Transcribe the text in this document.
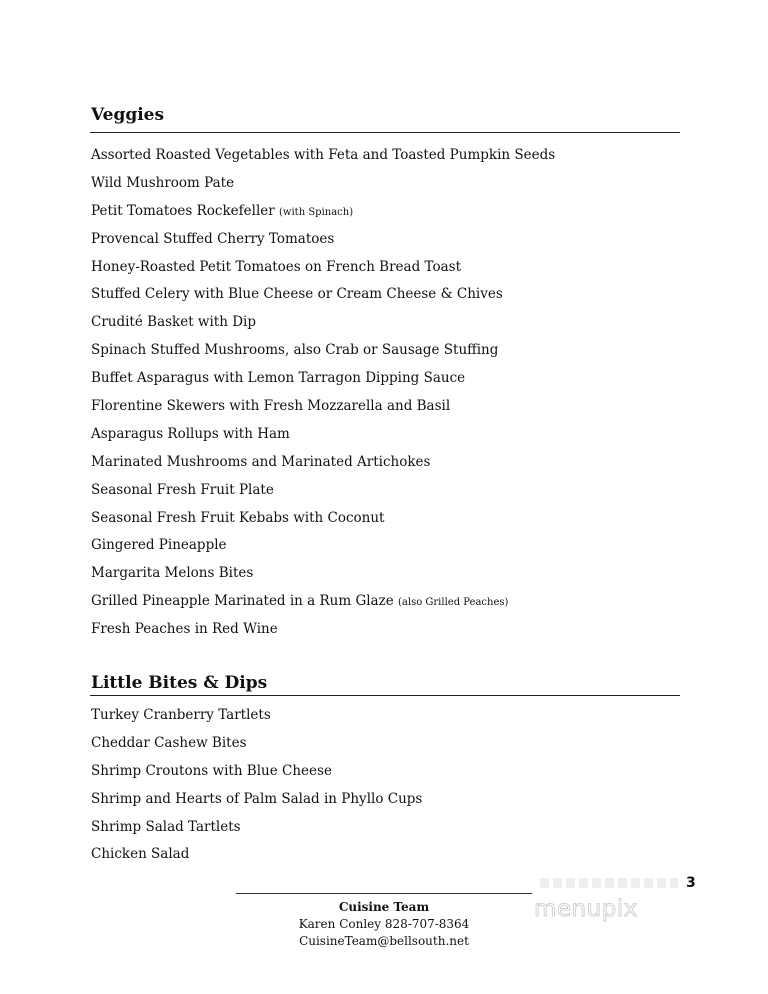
Veggies
Assorted Roasted Vegetables with Feta and Toasted Pumpkin Seeds
Wild Mushroom Pate
Petit Tomatoes Rockefeller (with Spinach)
Provencal Stuffed Cherry Tomatoes
Honey-Roasted Petit Tomatoes on French Bread Toast
Stuffed Celery with Blue Cheese or Cream Cheese & Chives
Crudité Basket with Dip
Spinach Stuffed Mushrooms, also Crab or Sausage Stuffing
Buffet Asparagus with Lemon Tarragon Dipping Sauce
Florentine Skewers with Fresh Mozzarella and Basil
Asparagus Rollups with Ham
Marinated Mushrooms and Marinated Artichokes
Seasonal Fresh Fruit Plate
Seasonal Fresh Fruit Kebabs with Coconut
Gingered Pineapple
Margarita Melons Bites
Grilled Pineapple Marinated in a Rum Glaze (also Grilled Peaches)
Fresh Peaches in Red Wine
Little Bites & Dips
Turkey Cranberry Tartlets
Cheddar Cashew Bites
Shrimp Croutons with Blue Cheese
Shrimp and Hearts of Palm Salad in Phyllo Cups
Shrimp Salad Tartlets
Chicken Salad
3
Cuisine Team
Karen Conley 828-707-8364
CuisineTeam@bellsouth.net
menupix
